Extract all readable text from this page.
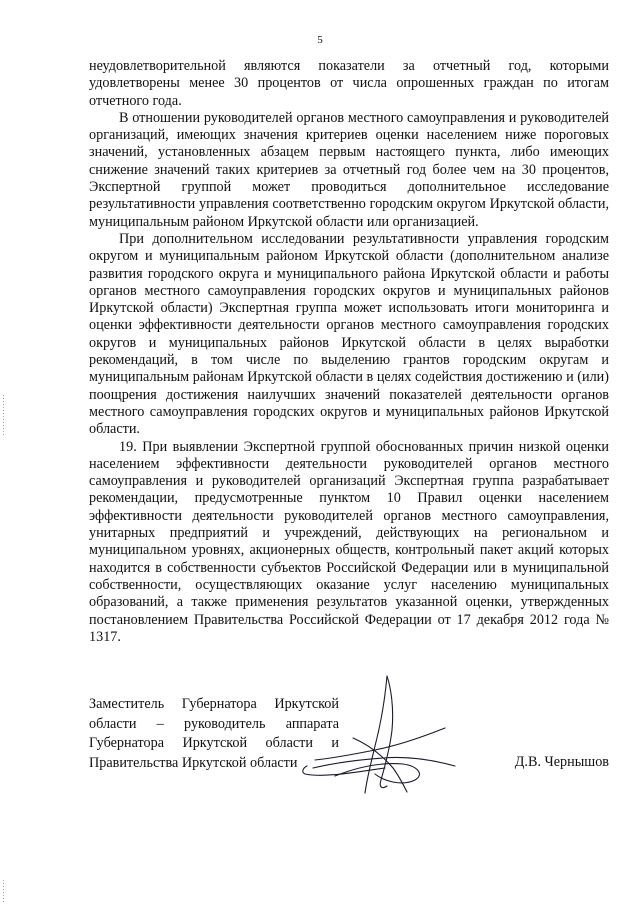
5

неудовлетворительной являются показатели за отчетный год, которыми удовлетворены менее 30 процентов от числа опрошенных граждан по итогам отчетного года.

В отношении руководителей органов местного самоуправления и руководителей организаций, имеющих значения критериев оценки населением ниже пороговых значений, установленных абзацем первым настоящего пункта, либо имеющих снижение значений таких критериев за отчетный год более чем на 30 процентов, Экспертной группой может проводиться дополнительное исследование результативности управления соответственно городским округом Иркутской области, муниципальным районом Иркутской области или организацией.

При дополнительном исследовании результативности управления городским округом и муниципальным районом Иркутской области (дополнительном анализе развития городского округа и муниципального района Иркутской области и работы органов местного самоуправления городских округов и муниципальных районов Иркутской области) Экспертная группа может использовать итоги мониторинга и оценки эффективности деятельности органов местного самоуправления городских округов и муниципальных районов Иркутской области в целях выработки рекомендаций, в том числе по выделению грантов городским округам и муниципальным районам Иркутской области в целях содействия достижению и (или) поощрения достижения наилучших значений показателей деятельности органов местного самоуправления городских округов и муниципальных районов Иркутской области.

19. При выявлении Экспертной группой обоснованных причин низкой оценки населением эффективности деятельности руководителей органов местного самоуправления и руководителей организаций Экспертная группа разрабатывает рекомендации, предусмотренные пунктом 10 Правил оценки населением эффективности деятельности руководителей органов местного самоуправления, унитарных предприятий и учреждений, действующих на региональном и муниципальном уровнях, акционерных обществ, контрольный пакет акций которых находится в собственности субъектов Российской Федерации или в муниципальной собственности, осуществляющих оказание услуг населению муниципальных образований, а также применения результатов указанной оценки, утвержденных постановлением Правительства Российской Федерации от 17 декабря 2012 года № 1317.

Заместитель Губернатора Иркутской
области – руководитель аппарата
Губернатора Иркутской области и
Правительства Иркутской области	Д.В. Чернышов
